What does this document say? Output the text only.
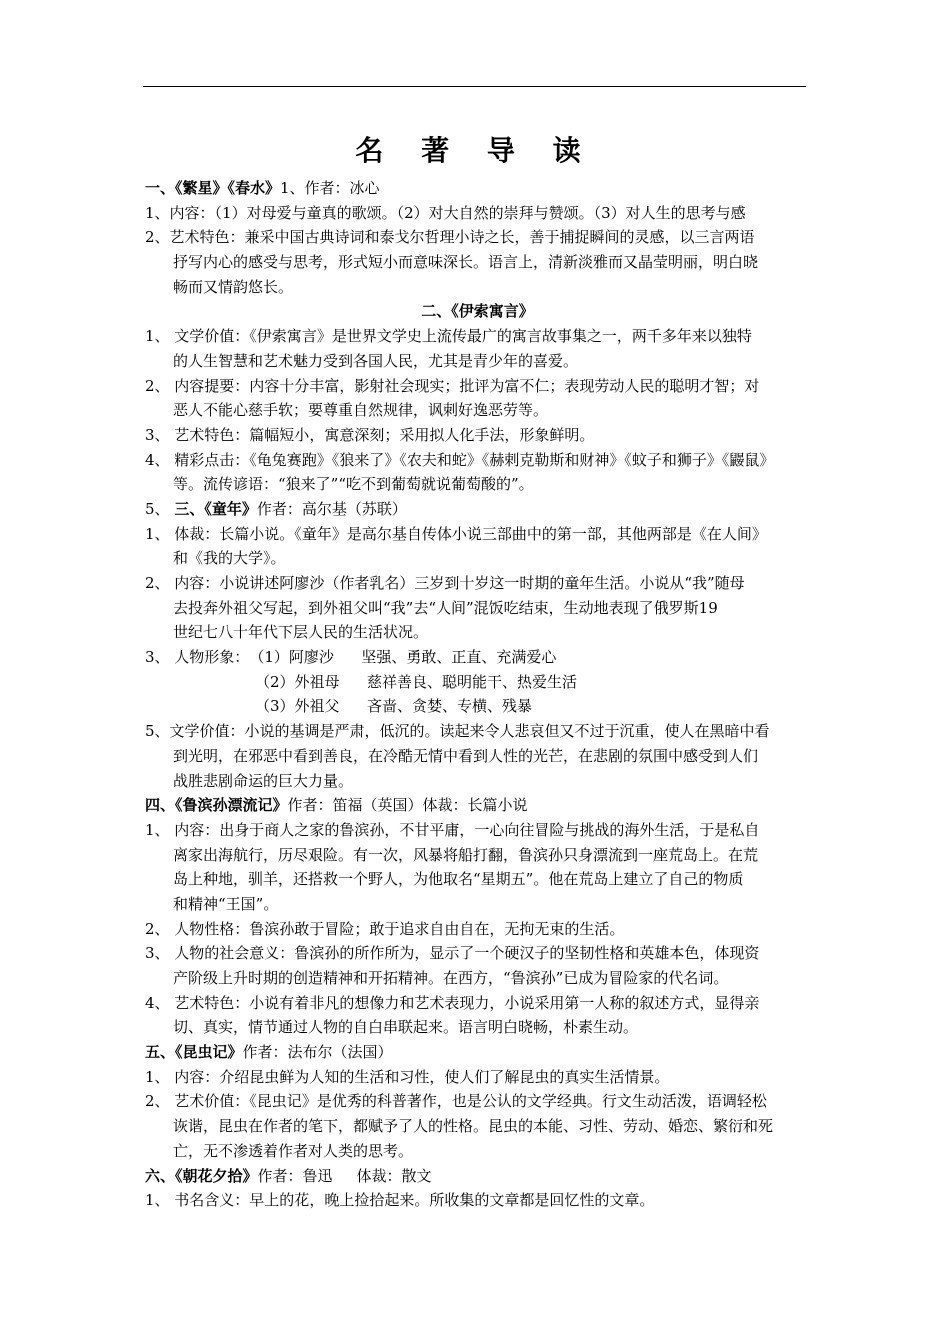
名 著 导 读
一、《繁星》《春水》1、作者：冰心
1、内容：（1）对母爱与童真的歌颂。（2）对大自然的崇拜与赞颂。（3）对人生的思考与感
2、艺术特色：兼采中国古典诗词和泰戈尔哲理小诗之长，善于捕捉瞬间的灵感，以三言两语
抒写内心的感受与思考，形式短小而意味深长。语言上，清新淡雅而又晶莹明丽，明白晓
畅而又情韵悠长。
二、《伊索寓言》
1、 文学价值：《伊索寓言》是世界文学史上流传最广的寓言故事集之一，两千多年来以独特
的人生智慧和艺术魅力受到各国人民，尤其是青少年的喜爱。
2、 内容提要：内容十分丰富，影射社会现实；批评为富不仁；表现劳动人民的聪明才智；对
恶人不能心慈手软；要尊重自然规律，讽刺好逸恶劳等。
3、 艺术特色：篇幅短小，寓意深刻；采用拟人化手法，形象鲜明。
4、 精彩点击：《龟兔赛跑》《狼来了》《农夫和蛇》《赫剌克勒斯和财神》《蚊子和狮子》《鼹鼠》
等。流传谚语：“狼来了”“吃不到葡萄就说葡萄酸的”。
5、 三、《童年》作者：高尔基（苏联）
1、 体裁：长篇小说。《童年》是高尔基自传体小说三部曲中的第一部，其他两部是《在人间》
和《我的大学》。
2、 内容：小说讲述阿廖沙（作者乳名）三岁到十岁这一时期的童年生活。小说从“我”随母
去投奔外祖父写起，到外祖父叫“我”去“人间”混饭吃结束，生动地表现了俄罗斯19
世纪七八十年代下层人民的生活状况。
3、 人物形象：（1）阿廖沙 坚强、勇敢、正直、充满爱心
（2）外祖母 慈祥善良、聪明能干、热爱生活
（3）外祖父 吝啬、贪婪、专横、残暴
5、文学价值：小说的基调是严肃，低沉的。读起来令人悲哀但又不过于沉重，使人在黑暗中看
到光明，在邪恶中看到善良，在冷酷无情中看到人性的光芒，在悲剧的氛围中感受到人们
战胜悲剧命运的巨大力量。
四、《鲁滨孙漂流记》作者：笛福（英国）体裁：长篇小说
1、 内容：出身于商人之家的鲁滨孙，不甘平庸，一心向往冒险与挑战的海外生活，于是私自
离家出海航行，历尽艰险。有一次，风暴将船打翻，鲁滨孙只身漂流到一座荒岛上。在荒
岛上种地，驯羊，还搭救一个野人，为他取名“星期五”。他在荒岛上建立了自己的物质
和精神“王国”。
2、 人物性格：鲁滨孙敢于冒险；敢于追求自由自在，无拘无束的生活。
3、 人物的社会意义：鲁滨孙的所作所为，显示了一个硬汉子的坚韧性格和英雄本色，体现资
产阶级上升时期的创造精神和开拓精神。在西方，“鲁滨孙”已成为冒险家的代名词。
4、 艺术特色：小说有着非凡的想像力和艺术表现力，小说采用第一人称的叙述方式，显得亲
切、真实，情节通过人物的自白串联起来。语言明白晓畅，朴素生动。
五、《昆虫记》作者：法布尔（法国）
1、 内容：介绍昆虫鲜为人知的生活和习性，使人们了解昆虫的真实生活情景。
2、 艺术价值：《昆虫记》是优秀的科普著作，也是公认的文学经典。行文生动活泼，语调轻松
诙谐，昆虫在作者的笔下，都赋予了人的性格。昆虫的本能、习性、劳动、婚恋、繁衍和死
亡，无不渗透着作者对人类的思考。
六、《朝花夕拾》作者：鲁迅 体裁：散文
1、 书名含义：早上的花，晚上捡拾起来。所收集的文章都是回忆性的文章。
